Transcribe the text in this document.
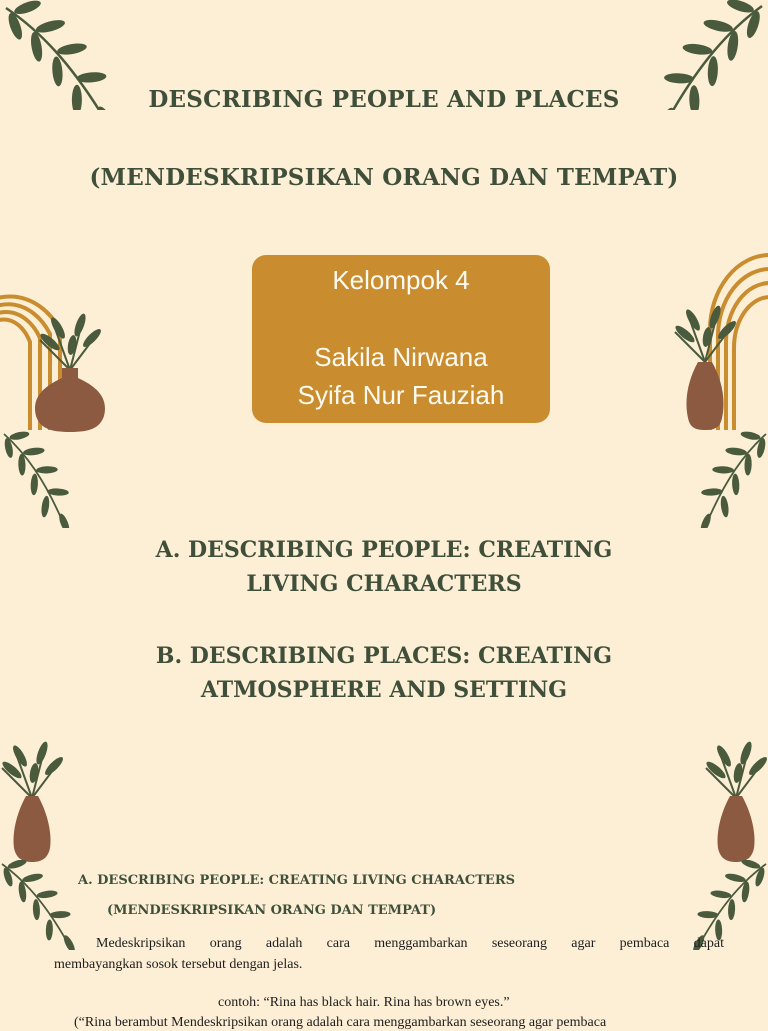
DESCRIBING PEOPLE AND PLACES
(MENDESKRIPSIKAN ORANG DAN TEMPAT)
Kelompok 4
Sakila Nirwana
Syifa Nur Fauziah
A. DESCRIBING PEOPLE: CREATING
LIVING CHARACTERS
B. DESCRIBING PLACES: CREATING
ATMOSPHERE AND SETTING
A. DESCRIBING PEOPLE: CREATING LIVING CHARACTERS
(MENDESKRIPSIKAN ORANG DAN TEMPAT)
Medeskripsikan orang adalah cara menggambarkan seseorang agar pembaca dapat
membayangkan sosok tersebut dengan jelas.
contoh: “Rina has black hair. Rina has brown eyes.”
(“Rina berambut Mendeskripsikan orang adalah cara menggambarkan seseorang agar pembaca
